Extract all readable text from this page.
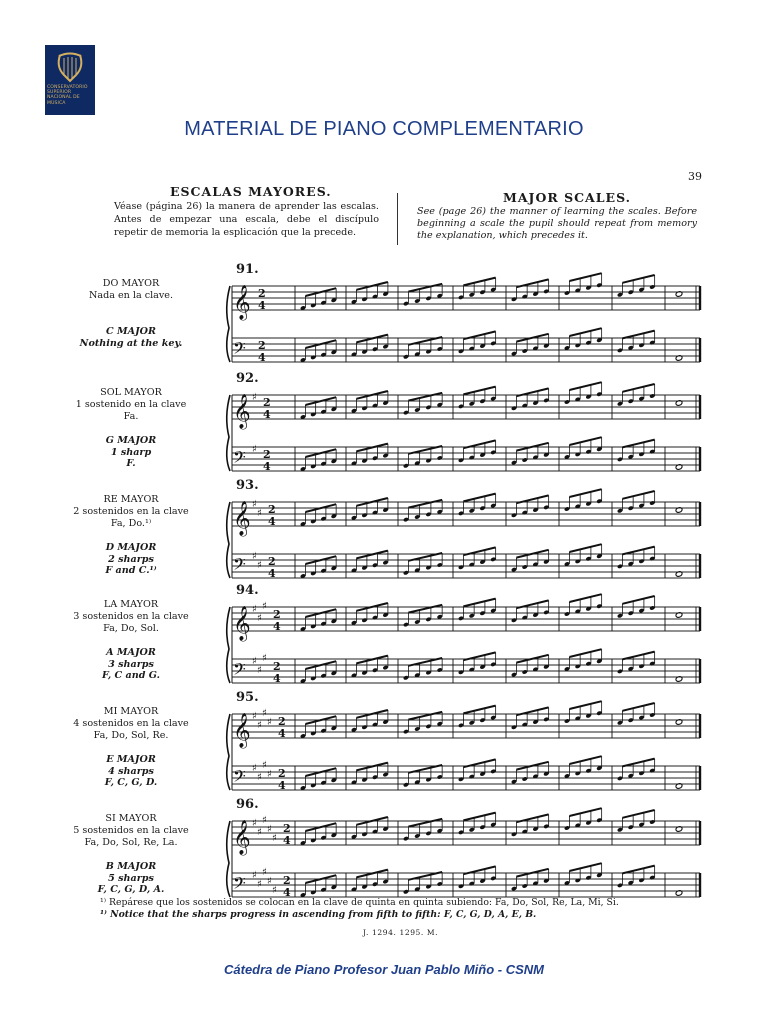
CONSERVATORIO SUPERIOR NACIONAL DE MÚSICA
MATERIAL DE PIANO COMPLEMENTARIO
39
ESCALAS MAYORES.	MAJOR SCALES.
Véase (página 26) la manera de aprender las escalas. Antes de empezar una escala, debe el discípulo repetir de memoria la esplicación que la precede.
See (page 26) the manner of learning the scales. Before beginning a scale the pupil should repeat from memory the explanation, which precedes it.
91.
DO MAYOR
Nada en la clave.
C MAJOR
Nothing at the key.
𝄞 2
4
𝄢 2
4
92.
SOL MAYOR
1 sostenido en la clave
Fa.
G MAJOR
1 sharp
F.
𝄞 ♯ 2
4
𝄢 ♯ 2
4
93.
RE MAYOR
2 sostenidos en la clave
Fa, Do.¹⁾
D MAJOR
2 sharps
F and C.¹⁾
𝄞 ♯
♯ 2
4
𝄢 ♯
♯ 2
4
94.
LA MAYOR
3 sostenidos en la clave
Fa, Do, Sol.
A MAJOR
3 sharps
F, C and G.
𝄞 ♯
♯
♯
2
4
𝄢 ♯
♯
♯
2
4
95.
MI MAYOR
4 sostenidos en la clave
Fa, Do, Sol, Re.
E MAJOR
4 sharps
F, C, G, D.
𝄞 ♯
♯
♯
♯ 2
4
𝄢 ♯
♯
♯
♯ 2
4
96.
SI MAYOR
5 sostenidos en la clave
Fa, Do, Sol, Re, La.
B MAJOR
5 sharps
F, C, G, D, A.
𝄞 ♯
♯
♯
♯
♯
2
4
𝄢 ♯
♯
♯
♯
♯
2
4
¹⁾ Repárese que los sostenidos se colocan en la clave de quinta en quinta subiendo: Fa, Do, Sol, Re, La, Mi, Si.
¹⁾ Notice that the sharps progress in ascending from fifth to fifth: F, C, G, D, A, E, B.
J. 1294. 1295. M.
Cátedra de Piano Profesor Juan Pablo Miño - CSNM
